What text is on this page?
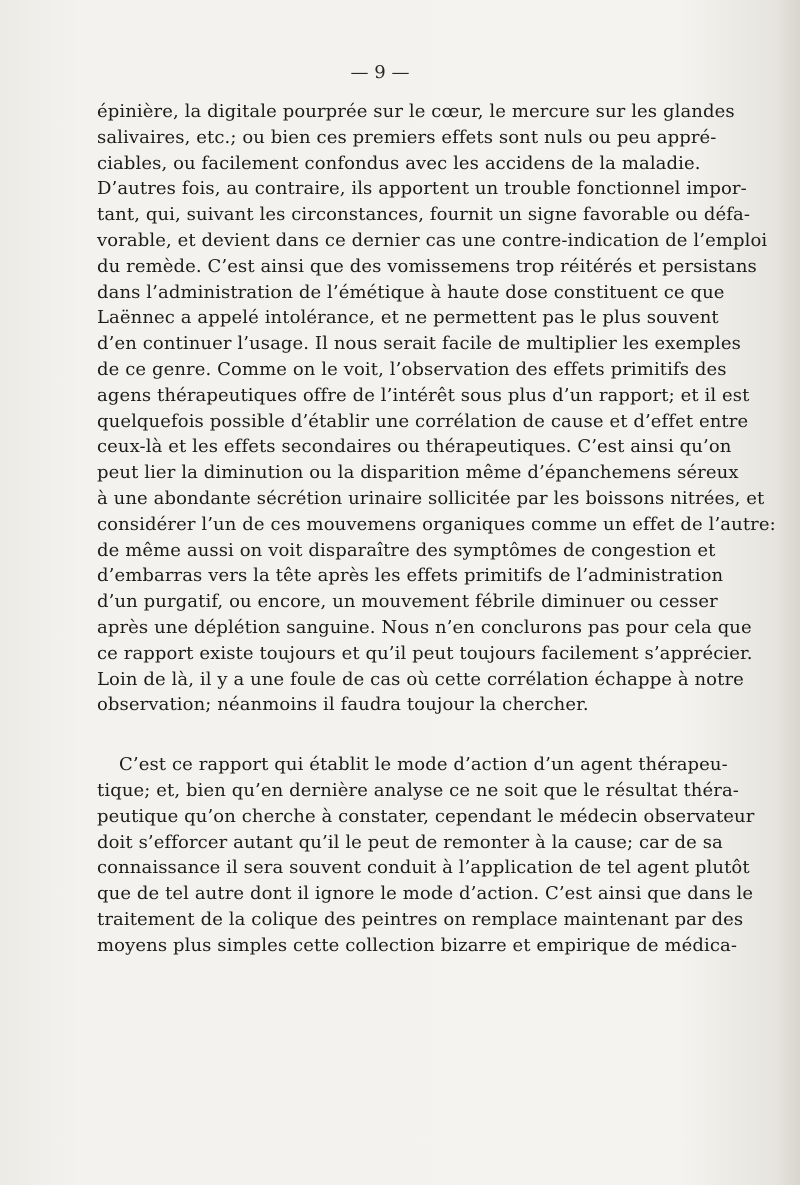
— 9 —
épinière, la digitale pourprée sur le cœur, le mercure sur les glandes
salivaires, etc.; ou bien ces premiers effets sont nuls ou peu appré-
ciables, ou facilement confondus avec les accidens de la maladie.
D’autres fois, au contraire, ils apportent un trouble fonctionnel impor-
tant, qui, suivant les circonstances, fournit un signe favorable ou défa-
vorable, et devient dans ce dernier cas une contre-indication de l’emploi
du remède. C’est ainsi que des vomissemens trop réitérés et persistans
dans l’administration de l’émétique à haute dose constituent ce que
Laënnec a appelé intolérance, et ne permettent pas le plus souvent
d’en continuer l’usage. Il nous serait facile de multiplier les exemples
de ce genre. Comme on le voit, l’observation des effets primitifs des
agens thérapeutiques offre de l’intérêt sous plus d’un rapport; et il est
quelquefois possible d’établir une corrélation de cause et d’effet entre
ceux-là et les effets secondaires ou thérapeutiques. C’est ainsi qu’on
peut lier la diminution ou la disparition même d’épanchemens séreux
à une abondante sécrétion urinaire sollicitée par les boissons nitrées, et
considérer l’un de ces mouvemens organiques comme un effet de l’autre:
de même aussi on voit disparaître des symptômes de congestion et
d’embarras vers la tête après les effets primitifs de l’administration
d’un purgatif, ou encore, un mouvement fébrile diminuer ou cesser
après une déplétion sanguine. Nous n’en conclurons pas pour cela que
ce rapport existe toujours et qu’il peut toujours facilement s’apprécier.
Loin de là, il y a une foule de cas où cette corrélation échappe à notre
observation; néanmoins il faudra toujour la chercher.
C’est ce rapport qui établit le mode d’action d’un agent thérapeu-
tique; et, bien qu’en dernière analyse ce ne soit que le résultat théra-
peutique qu’on cherche à constater, cependant le médecin observateur
doit s’efforcer autant qu’il le peut de remonter à la cause; car de sa
connaissance il sera souvent conduit à l’application de tel agent plutôt
que de tel autre dont il ignore le mode d’action. C’est ainsi que dans le
traitement de la colique des peintres on remplace maintenant par des
moyens plus simples cette collection bizarre et empirique de médica-
